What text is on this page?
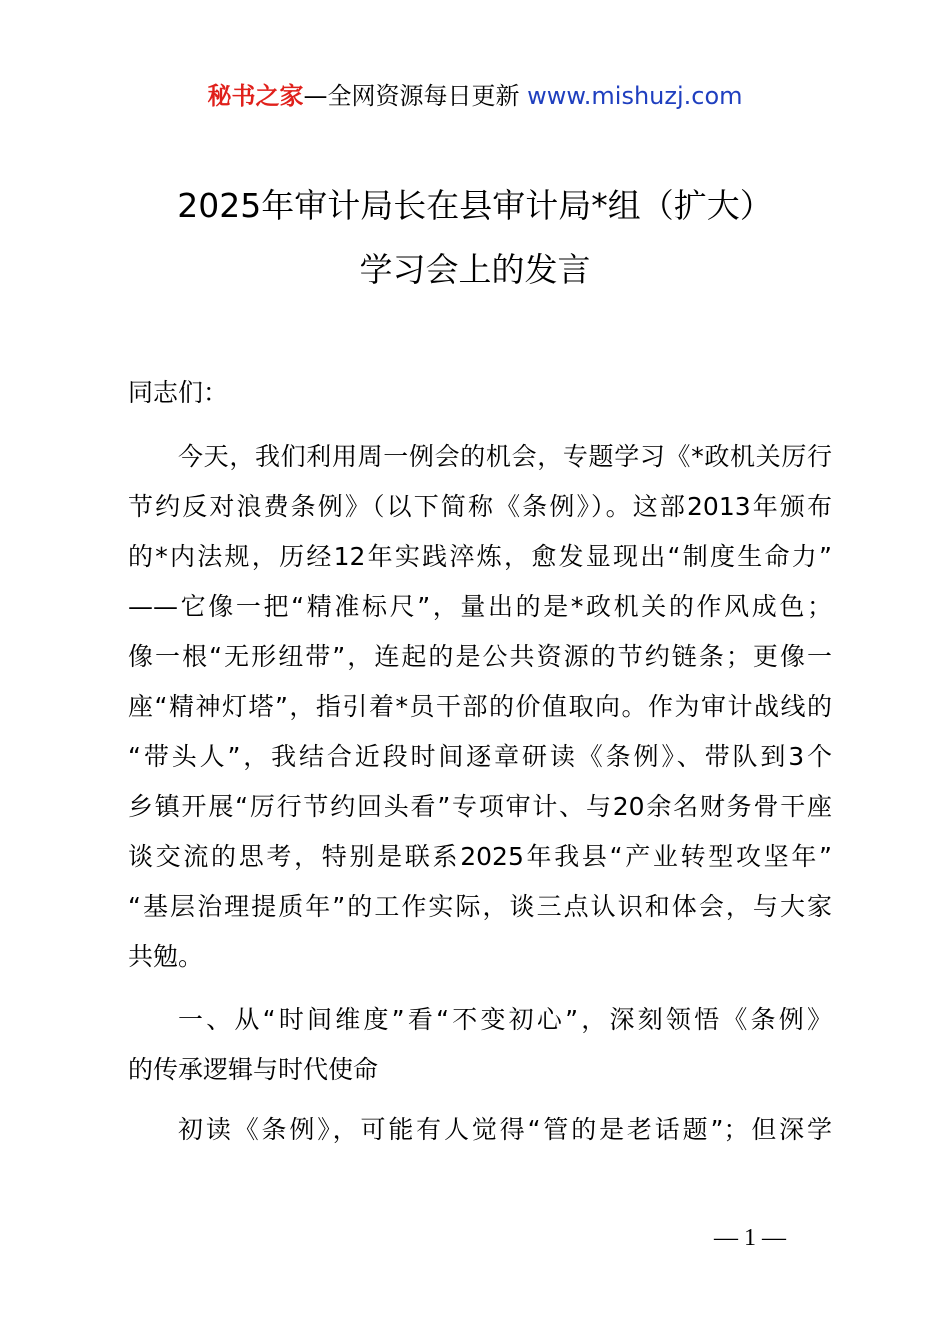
秘书之家—全网资源每日更新 www.mishuzj.com
2025年审计局长在县审计局*组（扩大）
学习会上的发言
同志们：
今天，我们利用周一例会的机会，专题学习《*政机关厉行
节约反对浪费条例》（以下简称《条例》）。这部2013年颁布
的*内法规，历经12年实践淬炼，愈发显现出“制度生命力”
——它像一把“精准标尺”，量出的是*政机关的作风成色；
像一根“无形纽带”，连起的是公共资源的节约链条；更像一
座“精神灯塔”，指引着*员干部的价值取向。作为审计战线的
“带头人”，我结合近段时间逐章研读《条例》、带队到3个
乡镇开展“厉行节约回头看”专项审计、与20余名财务骨干座
谈交流的思考，特别是联系2025年我县“产业转型攻坚年”
“基层治理提质年”的工作实际，谈三点认识和体会，与大家
共勉。
一、从“时间维度”看“不变初心”，深刻领悟《条例》
的传承逻辑与时代使命
初读《条例》，可能有人觉得“管的是老话题”；但深学
— 1 —
